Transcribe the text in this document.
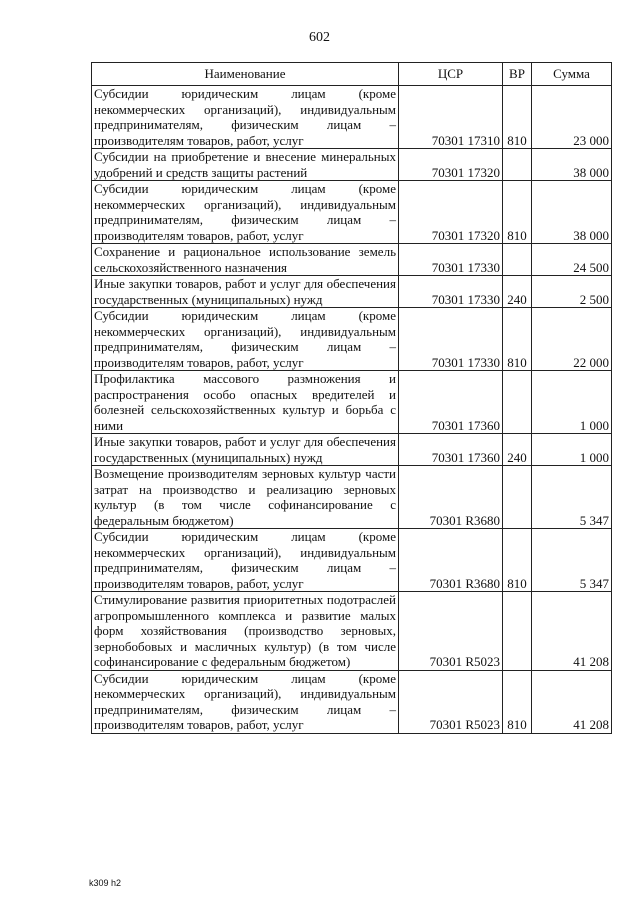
602
Наименование	ЦСР	ВР	Сумма
Субсидии юридическим лицам (кроме некоммерческих организаций), индивидуальным предпринимателям, физическим лицам – производителям товаров, работ, услуг	70301 17310	810	23 000
Субсидии на приобретение и внесение минеральных удобрений и средств защиты растений	70301 17320		38 000
Субсидии юридическим лицам (кроме некоммерческих организаций), индивидуальным предпринимателям, физическим лицам – производителям товаров, работ, услуг	70301 17320	810	38 000
Сохранение и рациональное использование земель сельскохозяйственного назначения	70301 17330		24 500
Иные закупки товаров, работ и услуг для обеспечения государственных (муниципальных) нужд	70301 17330	240	2 500
Субсидии юридическим лицам (кроме некоммерческих организаций), индивидуальным предпринимателям, физическим лицам – производителям товаров, работ, услуг	70301 17330	810	22 000
Профилактика массового размножения и распространения особо опасных вредителей и болезней сельскохозяйственных культур и борьба с ними	70301 17360		1 000
Иные закупки товаров, работ и услуг для обеспечения государственных (муниципальных) нужд	70301 17360	240	1 000
Возмещение производителям зерновых культур части затрат на производство и реализацию зерновых культур (в том числе софинансирование с федеральным бюджетом)	70301 R3680		5 347
Субсидии юридическим лицам (кроме некоммерческих организаций), индивидуальным предпринимателям, физическим лицам – производителям товаров, работ, услуг	70301 R3680	810	5 347
Стимулирование развития приоритетных подотраслей агропромышленного комплекса и развитие малых форм хозяйствования (производство зерновых, зернобобовых и масличных культур) (в том числе софинансирование с федеральным бюджетом)	70301 R5023		41 208
Субсидии юридическим лицам (кроме некоммерческих организаций), индивидуальным предпринимателям, физическим лицам – производителям товаров, работ, услуг	70301 R5023	810	41 208
k309 h2
